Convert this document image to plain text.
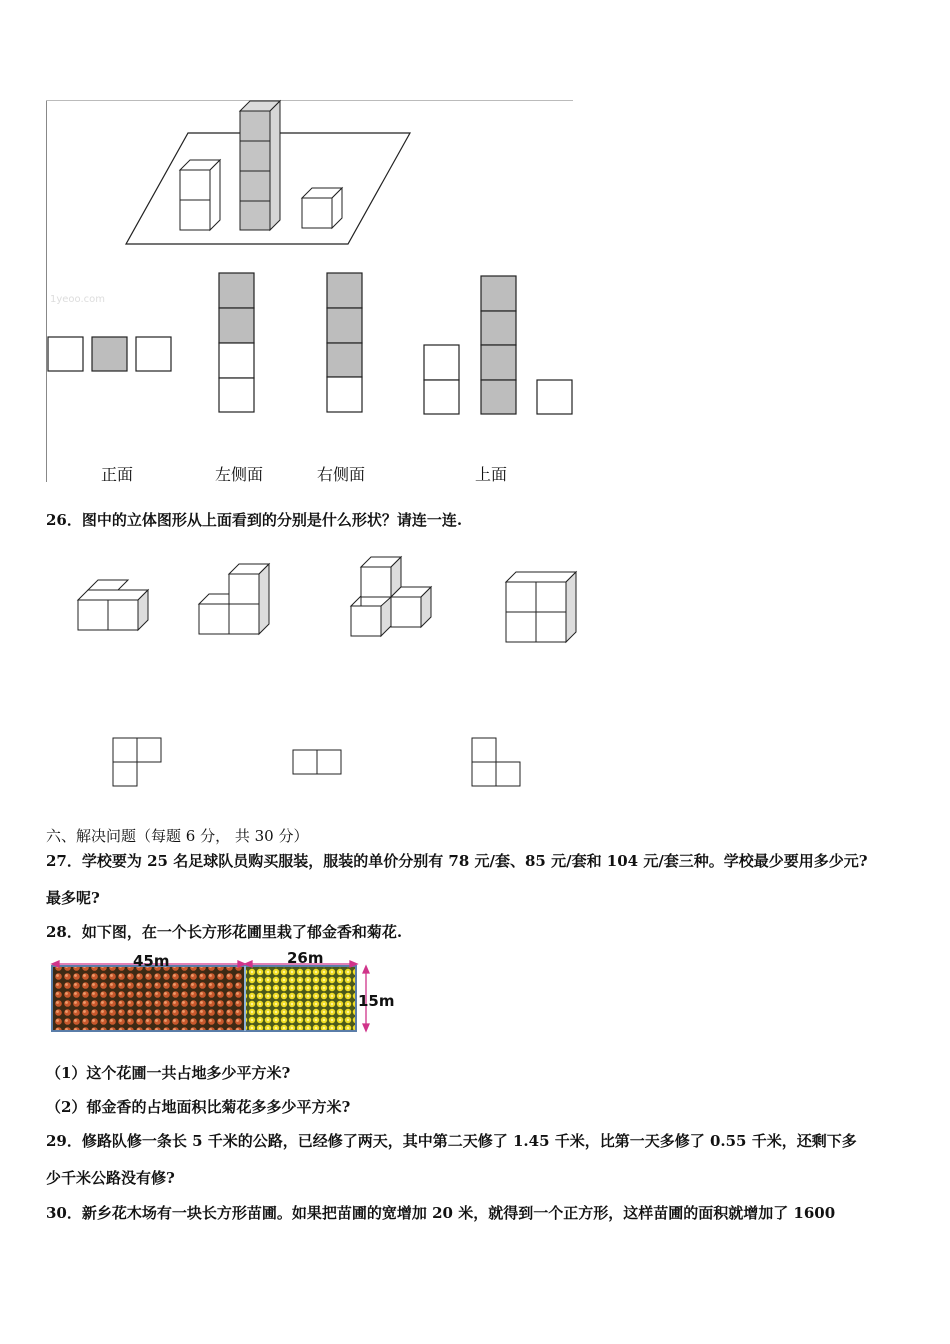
1yeoo.com
正面	左侧面	右侧面	上面
26．图中的立体图形从上面看到的分别是什么形状？请连一连.
六、解决问题（每题 6 分， 共 30 分）
27．学校要为 25 名足球队员购买服装，服装的单价分别有 78 元/套、85 元/套和 104 元/套三种。学校最少要用多少元?
最多呢?
28．如下图，在一个长方形花圃里栽了郁金香和菊花.
45m	26m
15m
（1）这个花圃一共占地多少平方米?
（2）郁金香的占地面积比菊花多多少平方米?
29．修路队修一条长 5 千米的公路，已经修了两天，其中第二天修了 1.45 千米，比第一天多修了 0.55 千米，还剩下多
少千米公路没有修?
30．新乡花木场有一块长方形苗圃。如果把苗圃的宽增加 20 米，就得到一个正方形，这样苗圃的面积就增加了 1600
